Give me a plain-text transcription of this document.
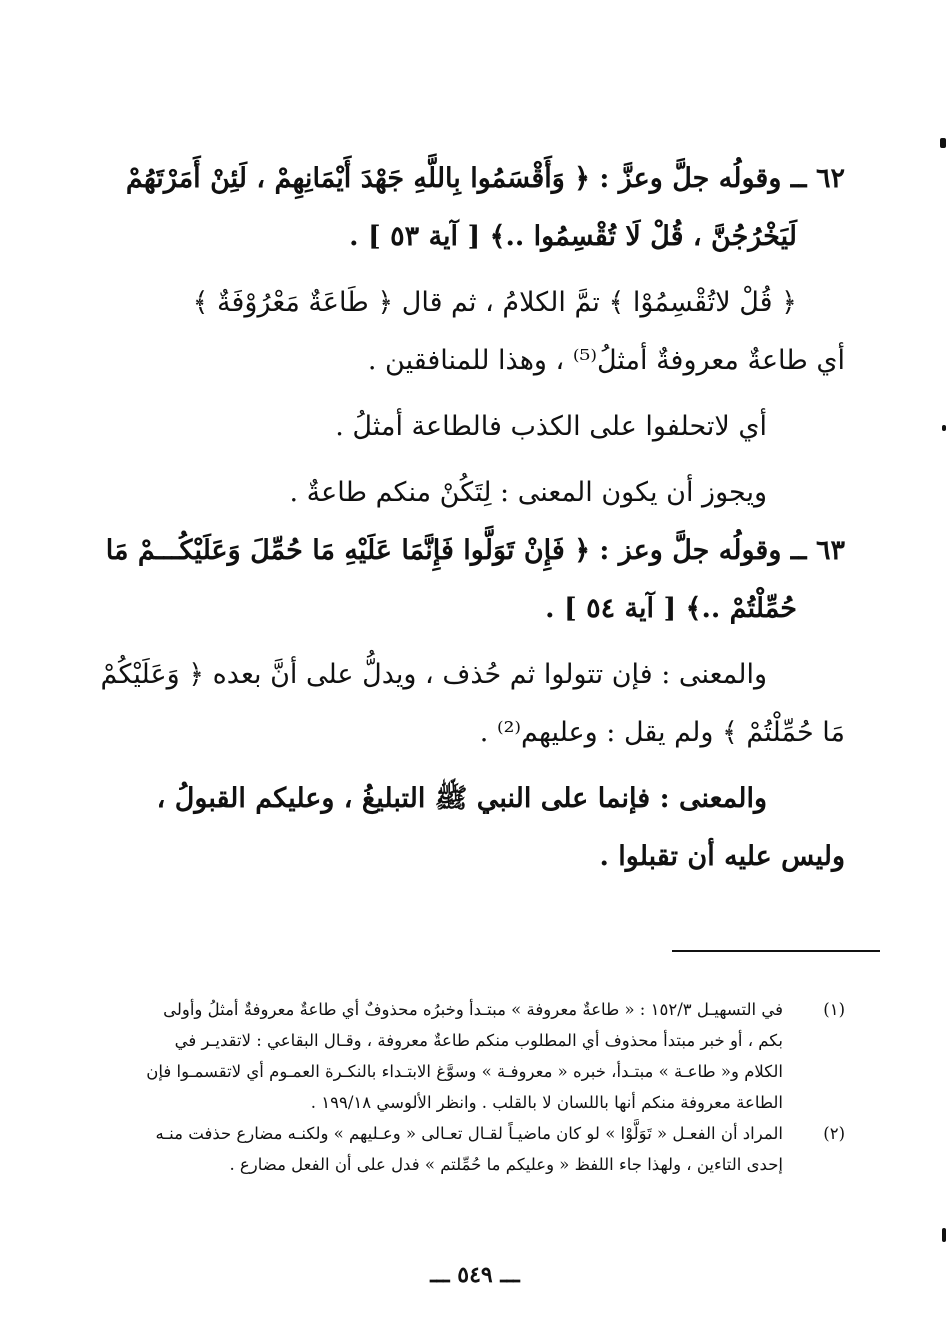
٦٢ ــ وقولُه جلَّ وعزَّ : ﴿ وَأَقْسَمُوا بِاللَّهِ جَهْدَ أَيْمَانِهِمْ ، لَئِنْ أَمَرْتَهُمْ
لَيَخْرُجُنَّ ، قُلْ لَا تُقْسِمُوا ..﴾ [ آية ٥٣ ] .
﴿ قُلْ لاتُقْسِمُوْا ﴾ تمَّ الكلامُ ، ثم قال ﴿ طَاعَةٌ مَعْرُوْفَةٌ ﴾
أي طاعةٌ معروفةٌ أمثلُ⁽⁵⁾ ، وهذا للمنافقين .
أي لاتحلفوا على الكذب فالطاعة أمثلُ .
ويجوز أن يكون المعنى : لِتَكُنْ منكم طاعةٌ .
٦٣ ــ وقولُه جلَّ وعز : ﴿ فَإِنْ تَوَلَّوا فَإِنَّمَا عَلَيْهِ مَا حُمِّلَ وَعَلَيْكُـــمْ مَا
حُمِّلْتُمْ ..﴾ [ آية ٥٤ ] .
والمعنى : فإن تتولوا ثم حُذف ، ويدلُّ على أنَّ بعده ﴿ وَعَلَيْكُمْ
مَا حُمِّلْتُمْ ﴾ ولم يقل : وعليهم⁽²⁾ .
والمعنى : فإنما على النبي ﷺ التبليغُ ، وعليكم القبولُ ،
وليس عليه أن تقبلوا .
(١)
في التسهيـل ١٥٢/٣ : « طاعةٌ معروفة » مبتـدأ وخبرُه محذوفٌ أي طاعةٌ معروفةٌ أمثلُ وأولى
بكم ، أو خبر مبتدأ محذوف أي المطلوب منكم طاعةٌ معروفة ، وقـال البقاعي : لاتقديـر في
الكلام و« طاعـة » مبتـدأ، خبره « معروفـة » وسوَّغ الابتـداء بالنكـرة العمـوم أي لاتقسمـوا فإن
الطاعة معروفة منكم أنها باللسان لا بالقلب . وانظر الألوسي ١٩٩/١٨ .
(٢)
المراد أن الفعـل « تَوَلَّوْا » لو كان ماضيـاً لقـال تعـالى « وعـليهم » ولكنـه مضارع حذفت منـه
إحدى التاءين ، ولهذا جاء اللفظ « وعليكم ما حُمِّلتم » فدل على أن الفعل مضارع .
ـــ ٥٤٩ ـــ
